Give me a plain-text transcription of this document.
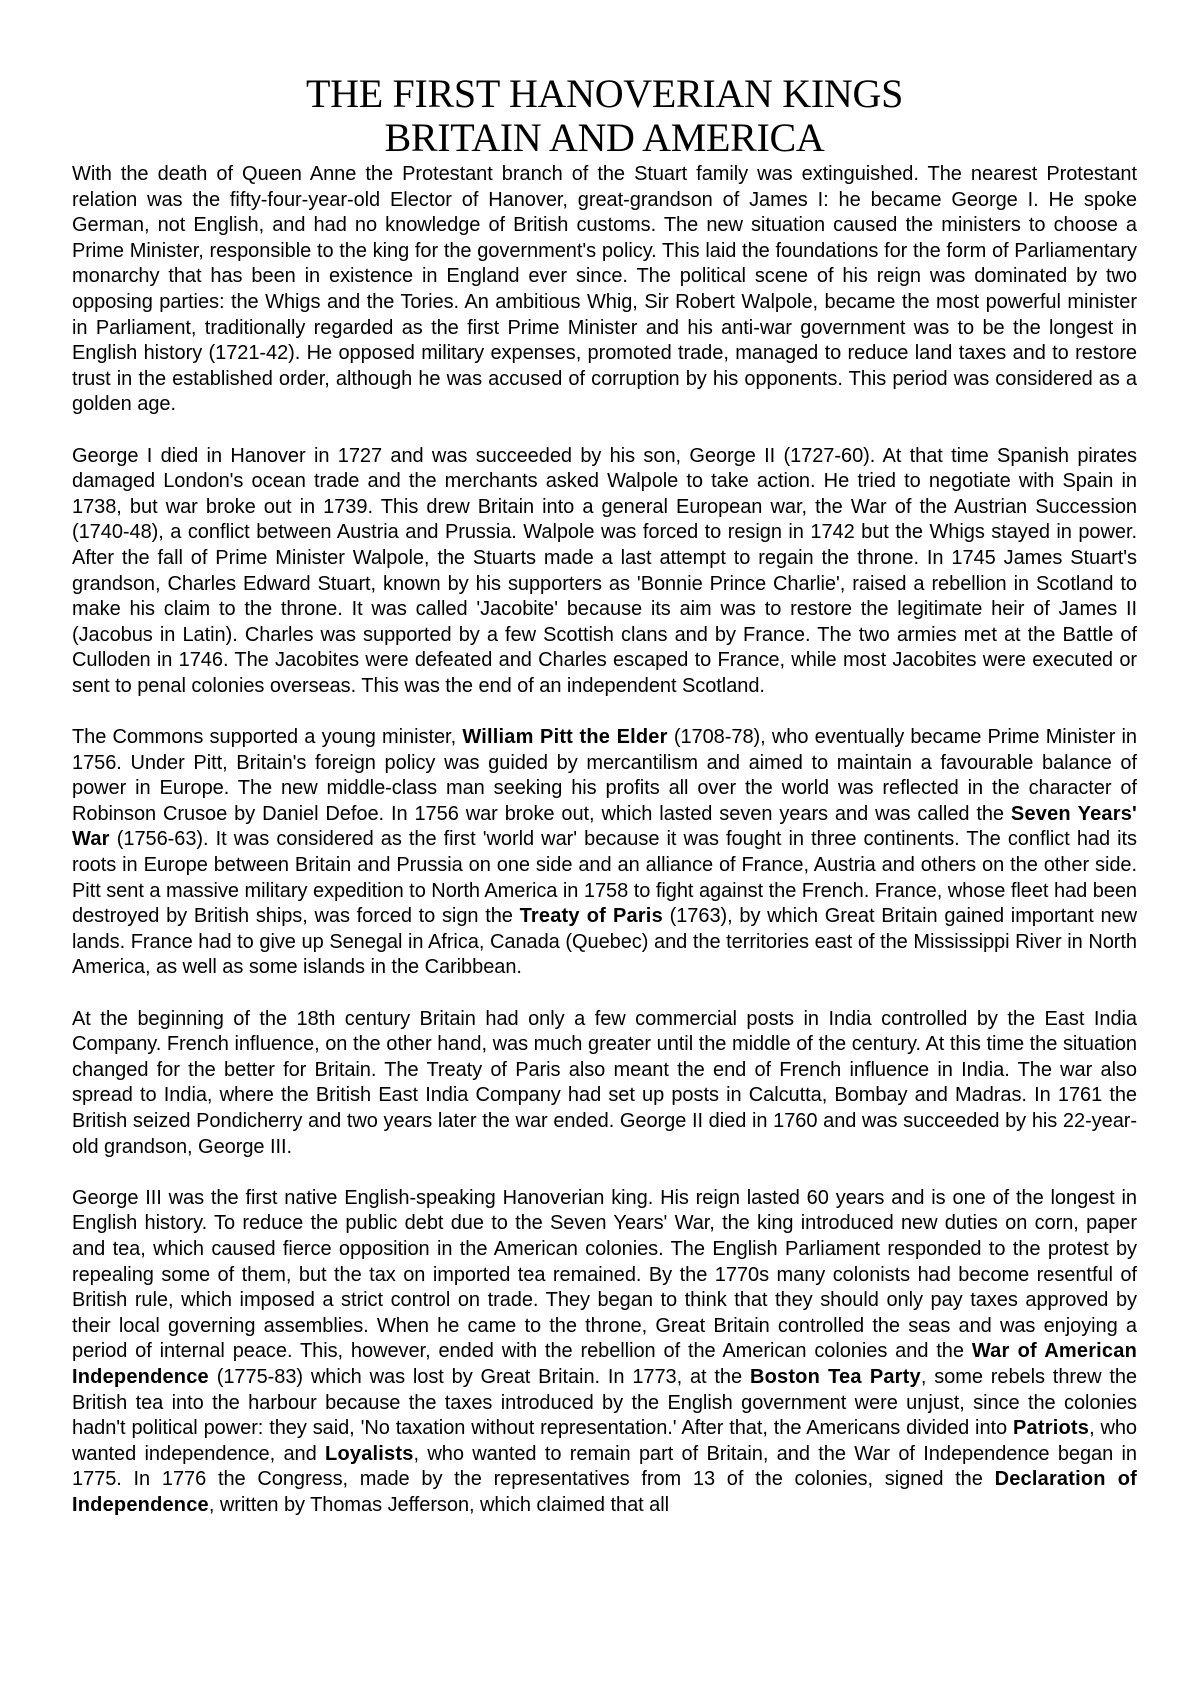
THE FIRST HANOVERIAN KINGS
BRITAIN AND AMERICA

With the death of Queen Anne the Protestant branch of the Stuart family was extinguished. The nearest Protestant relation was the fifty-four-year-old Elector of Hanover, great-grandson of James I: he became George I. He spoke German, not English, and had no knowledge of British customs. The new situation caused the ministers to choose a Prime Minister, responsible to the king for the government's policy. This laid the foundations for the form of Parliamentary monarchy that has been in existence in England ever since. The political scene of his reign was dominated by two opposing parties: the Whigs and the Tories. An ambitious Whig, Sir Robert Walpole, became the most powerful minister in Parliament, traditionally regarded as the first Prime Minister and his anti-war government was to be the longest in English history (1721-42). He opposed military expenses, promoted trade, managed to reduce land taxes and to restore trust in the established order, although he was accused of corruption by his opponents. This period was considered as a golden age.

George I died in Hanover in 1727 and was succeeded by his son, George II (1727-60). At that time Spanish pirates damaged London's ocean trade and the merchants asked Walpole to take action. He tried to negotiate with Spain in 1738, but war broke out in 1739. This drew Britain into a general European war, the War of the Austrian Succession (1740-48), a conflict between Austria and Prussia. Walpole was forced to resign in 1742 but the Whigs stayed in power. After the fall of Prime Minister Walpole, the Stuarts made a last attempt to regain the throne. In 1745 James Stuart's grandson, Charles Edward Stuart, known by his supporters as 'Bonnie Prince Charlie', raised a rebellion in Scotland to make his claim to the throne. It was called 'Jacobite' because its aim was to restore the legitimate heir of James II (Jacobus in Latin). Charles was supported by a few Scottish clans and by France. The two armies met at the Battle of Culloden in 1746. The Jacobites were defeated and Charles escaped to France, while most Jacobites were executed or sent to penal colonies overseas. This was the end of an independent Scotland.

The Commons supported a young minister, William Pitt the Elder (1708-78), who eventually became Prime Minister in 1756. Under Pitt, Britain's foreign policy was guided by mercantilism and aimed to maintain a favourable balance of power in Europe. The new middle-class man seeking his profits all over the world was reflected in the character of Robinson Crusoe by Daniel Defoe. In 1756 war broke out, which lasted seven years and was called the Seven Years' War (1756-63). It was considered as the first 'world war' because it was fought in three continents. The conflict had its roots in Europe between Britain and Prussia on one side and an alliance of France, Austria and others on the other side. Pitt sent a massive military expedition to North America in 1758 to fight against the French. France, whose fleet had been destroyed by British ships, was forced to sign the Treaty of Paris (1763), by which Great Britain gained important new lands. France had to give up Senegal in Africa, Canada (Quebec) and the territories east of the Mississippi River in North America, as well as some islands in the Caribbean.

At the beginning of the 18th century Britain had only a few commercial posts in India controlled by the East India Company. French influence, on the other hand, was much greater until the middle of the century. At this time the situation changed for the better for Britain. The Treaty of Paris also meant the end of French influence in India. The war also spread to India, where the British East India Company had set up posts in Calcutta, Bombay and Madras. In 1761 the British seized Pondicherry and two years later the war ended. George II died in 1760 and was succeeded by his 22-year-old grandson, George III.

George III was the first native English-speaking Hanoverian king. His reign lasted 60 years and is one of the longest in English history. To reduce the public debt due to the Seven Years' War, the king introduced new duties on corn, paper and tea, which caused fierce opposition in the American colonies. The English Parliament responded to the protest by repealing some of them, but the tax on imported tea remained. By the 1770s many colonists had become resentful of British rule, which imposed a strict control on trade. They began to think that they should only pay taxes approved by their local governing assemblies. When he came to the throne, Great Britain controlled the seas and was enjoying a period of internal peace. This, however, ended with the rebellion of the American colonies and the War of American Independence (1775-83) which was lost by Great Britain. In 1773, at the Boston Tea Party, some rebels threw the British tea into the harbour because the taxes introduced by the English government were unjust, since the colonies hadn't political power: they said, 'No taxation without representation.' After that, the Americans divided into Patriots, who wanted independence, and Loyalists, who wanted to remain part of Britain, and the War of Independence began in 1775. In 1776 the Congress, made by the representatives from 13 of the colonies, signed the Declaration of Independence, written by Thomas Jefferson, which claimed that all
